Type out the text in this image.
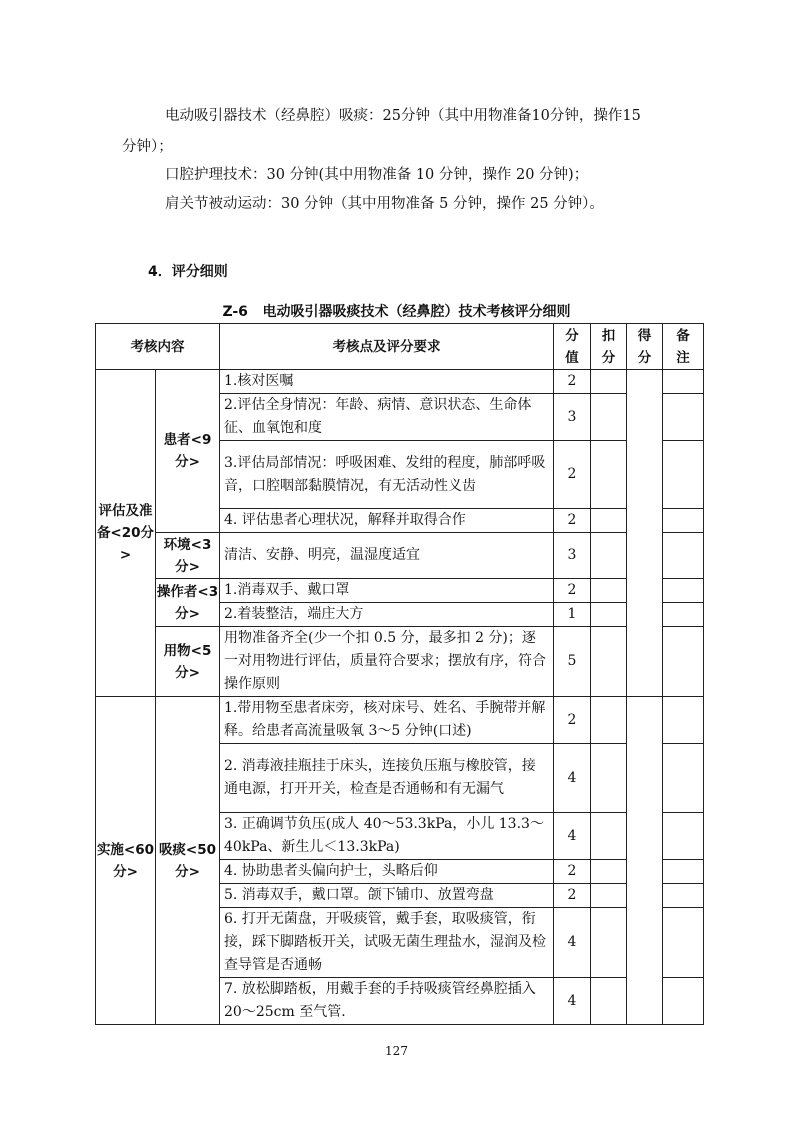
电动吸引器技术（经鼻腔）吸痰：25分钟（其中用物准备10分钟，操作15
分钟）；
口腔护理技术：30 分钟(其中用物准备 10 分钟，操作 20 分钟)；
肩关节被动运动：30 分钟（其中用物准备 5 分钟，操作 25 分钟）。
4．评分细则
Z-6   电动吸引器吸痰技术（经鼻腔）技术考核评分细则
考核内容		考核点及评分要求	分值	扣分	得分	备注
评估及准备<20分>	患者<9 分>	1.核对医嘱	2			
		2.评估全身情况：年龄、病情、意识状态、生命体征、血氧饱和度	3			
		3.评估局部情况：呼吸困难、发绀的程度，肺部呼吸音，口腔咽部黏膜情况，有无活动性义齿	2			
		4. 评估患者心理状况，解释并取得合作	2			
	环境<3 分>	清洁、安静、明亮，温湿度适宜	3			
	操作者<3 分>	1.消毒双手、戴口罩	2			
		2.着装整洁，端庄大方	1			
	用物<5 分>	用物准备齐全(少一个扣 0.5 分，最多扣 2 分)；逐一对用物进行评估，质量符合要求；摆放有序，符合操作原则	5			
实施<60 分>	吸痰<50 分>	1.带用物至患者床旁，核对床号、姓名、手腕带并解释。给患者高流量吸氧 3～5 分钟(口述)	2			
		2. 消毒液挂瓶挂于床头，连接负压瓶与橡胶管，接通电源，打开开关，检查是否通畅和有无漏气	4			
		3. 正确调节负压(成人 40～53.3kPa，小儿 13.3～40kPa、新生儿＜13.3kPa)	4			
		4. 协助患者头偏向护士，头略后仰	2			
		5. 消毒双手，戴口罩。颌下铺巾、放置弯盘	2			
		6. 打开无菌盘，开吸痰管，戴手套，取吸痰管，衔接，踩下脚踏板开关，试吸无菌生理盐水，湿润及检查导管是否通畅	4			
		7. 放松脚踏板，用戴手套的手持吸痰管经鼻腔插入 20～25cm 至气管.	4			
127
